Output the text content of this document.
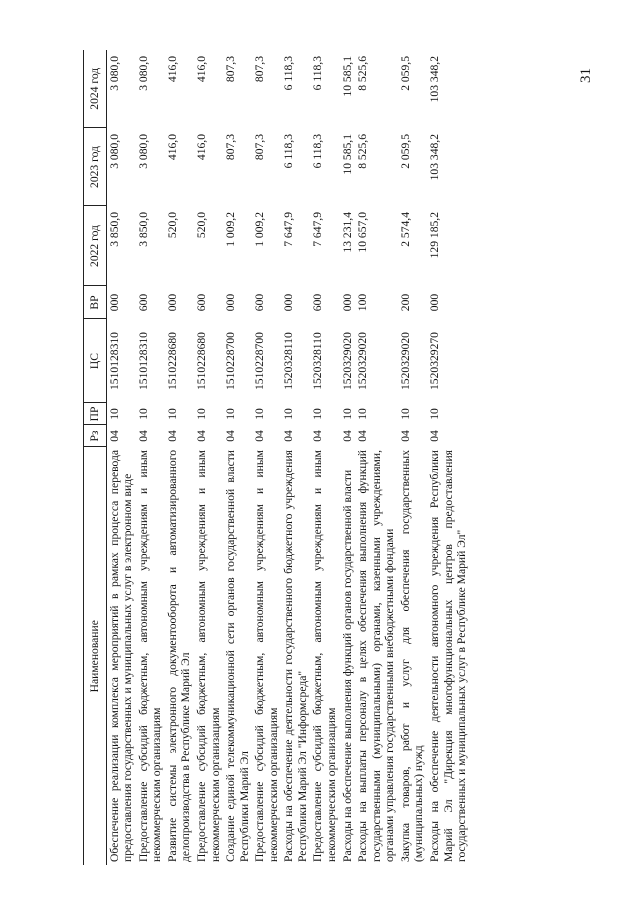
31
Наименование	Рз	ПР	ЦС	ВР	2022 год	2023 год	2024 год
Обеспечение реализации комплекса мероприятий в рамках процесса перевода предоставления государственных и муниципальных услуг в электронном виде	04	10	1510128310	000	3 850,0	3 080,0	3 080,0
Предоставление субсидий бюджетным, автономным учреждениям и иным некоммерческим организациям	04	10	1510128310	600	3 850,0	3 080,0	3 080,0
Развитие системы электронного документооборота и автоматизированного делопроизводства в Республике Марий Эл	04	10	1510228680	000	520,0	416,0	416,0
Предоставление субсидий бюджетным, автономным учреждениям и иным некоммерческим организациям	04	10	1510228680	600	520,0	416,0	416,0
Создание единой телекоммуникационной сети органов государственной власти Республики Марий Эл	04	10	1510228700	000	1 009,2	807,3	807,3
Предоставление субсидий бюджетным, автономным учреждениям и иным некоммерческим организациям	04	10	1510228700	600	1 009,2	807,3	807,3
Расходы на обеспечение деятельности государственного бюджетного учреждения Республики Марий Эл "Информсреда"	04	10	1520328110	000	7 647,9	6 118,3	6 118,3
Предоставление субсидий бюджетным, автономным учреждениям и иным некоммерческим организациям	04	10	1520328110	600	7 647,9	6 118,3	6 118,3
Расходы на обеспечение выполнения функций органов государственной власти	04	10	1520329020	000	13 231,4	10 585,1	10 585,1
Расходы на выплаты персоналу в целях обеспечения выполнения функций государственными (муниципальными) органами, казенными учреждениями, органами управления государственными внебюджетными фондами	04	10	1520329020	100	10 657,0	8 525,6	8 525,6
Закупка товаров, работ и услуг для обеспечения государственных (муниципальных) нужд	04	10	1520329020	200	2 574,4	2 059,5	2 059,5
Расходы на обеспечение деятельности автономного учреждения Республики Марий Эл "Дирекция многофункциональных центров предоставления государственных и муниципальных услуг в Республике Марий Эл"	04	10	1520329270	000	129 185,2	103 348,2	103 348,2
